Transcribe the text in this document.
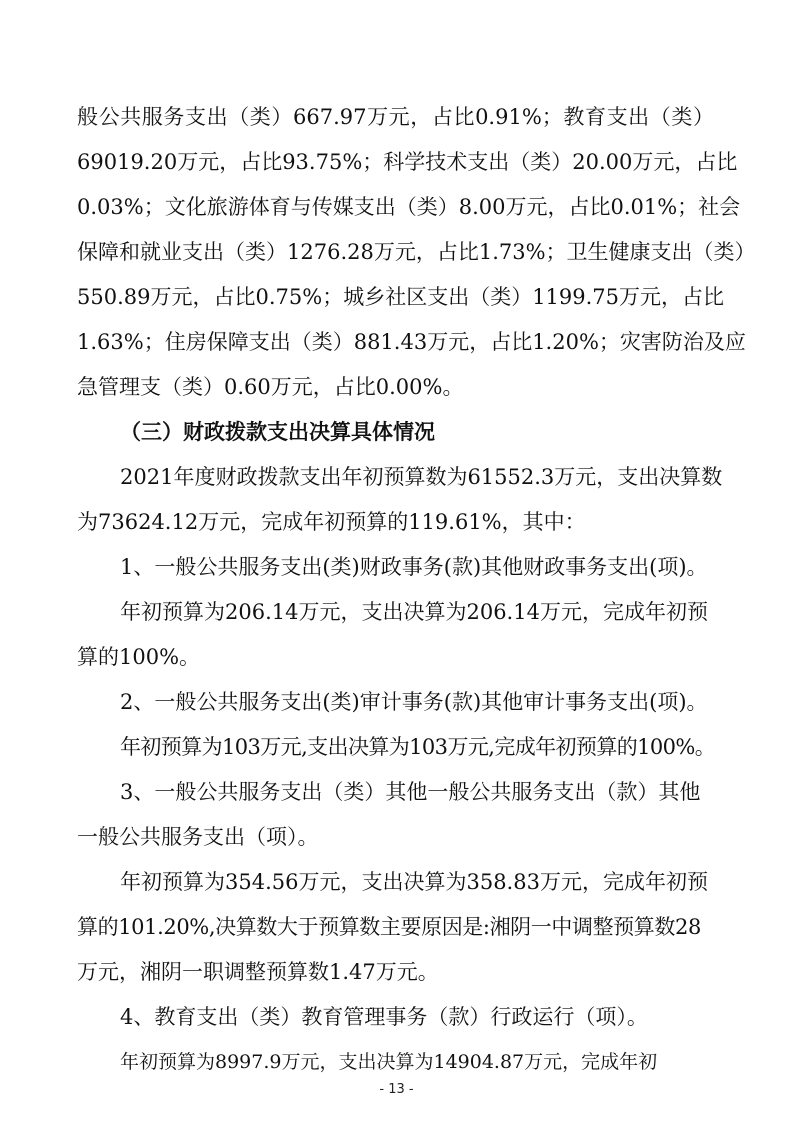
般公共服务支出（类）667.97万元，占比0.91%；教育支出（类）
69019.20万元，占比93.75%；科学技术支出（类）20.00万元，占比
0.03%；文化旅游体育与传媒支出（类）8.00万元，占比0.01%；社会
保障和就业支出（类）1276.28万元，占比1.73%；卫生健康支出（类）
550.89万元，占比0.75%；城乡社区支出（类）1199.75万元，占比
1.63%；住房保障支出（类）881.43万元，占比1.20%；灾害防治及应
急管理支（类）0.60万元，占比0.00%。
（三）财政拨款支出决算具体情况
2021年度财政拨款支出年初预算数为61552.3万元，支出决算数
为73624.12万元，完成年初预算的119.61%，其中：
1、一般公共服务支出(类)财政事务(款)其他财政事务支出(项)。
年初预算为206.14万元，支出决算为206.14万元，完成年初预
算的100%。
2、一般公共服务支出(类)审计事务(款)其他审计事务支出(项)。
年初预算为103万元,支出决算为103万元,完成年初预算的100%。
3、一般公共服务支出（类）其他一般公共服务支出（款）其他
一般公共服务支出（项）。
年初预算为354.56万元，支出决算为358.83万元，完成年初预
算的101.20%,决算数大于预算数主要原因是:湘阴一中调整预算数28
万元，湘阴一职调整预算数1.47万元。
4、教育支出（类）教育管理事务（款）行政运行（项）。
年初预算为8997.9万元，支出决算为14904.87万元，完成年初
- 13 -
